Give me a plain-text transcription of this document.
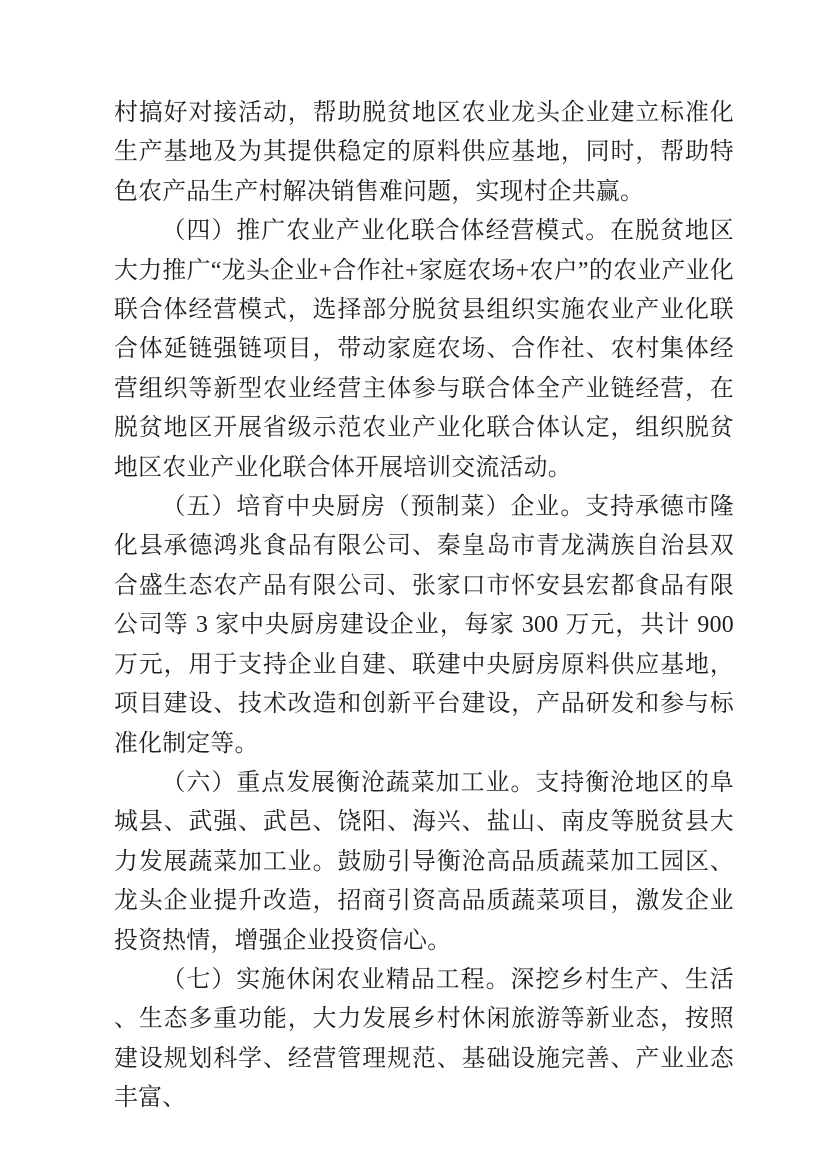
村搞好对接活动，帮助脱贫地区农业龙头企业建立标准化生产基地及为其提供稳定的原料供应基地，同时，帮助特色农产品生产村解决销售难问题，实现村企共赢。

（四）推广农业产业化联合体经营模式。在脱贫地区大力推广“龙头企业+合作社+家庭农场+农户”的农业产业化联合体经营模式，选择部分脱贫县组织实施农业产业化联合体延链强链项目，带动家庭农场、合作社、农村集体经营组织等新型农业经营主体参与联合体全产业链经营，在脱贫地区开展省级示范农业产业化联合体认定，组织脱贫地区农业产业化联合体开展培训交流活动。

（五）培育中央厨房（预制菜）企业。支持承德市隆化县承德鸿兆食品有限公司、秦皇岛市青龙满族自治县双合盛生态农产品有限公司、张家口市怀安县宏都食品有限公司等 3 家中央厨房建设企业，每家 300 万元，共计 900 万元，用于支持企业自建、联建中央厨房原料供应基地，项目建设、技术改造和创新平台建设，产品研发和参与标准化制定等。

（六）重点发展衡沧蔬菜加工业。支持衡沧地区的阜城县、武强、武邑、饶阳、海兴、盐山、南皮等脱贫县大力发展蔬菜加工业。鼓励引导衡沧高品质蔬菜加工园区、龙头企业提升改造，招商引资高品质蔬菜项目，激发企业投资热情，增强企业投资信心。

（七）实施休闲农业精品工程。深挖乡村生产、生活、生态多重功能，大力发展乡村休闲旅游等新业态，按照建设规划科学、经营管理规范、基础设施完善、产业业态丰富、
